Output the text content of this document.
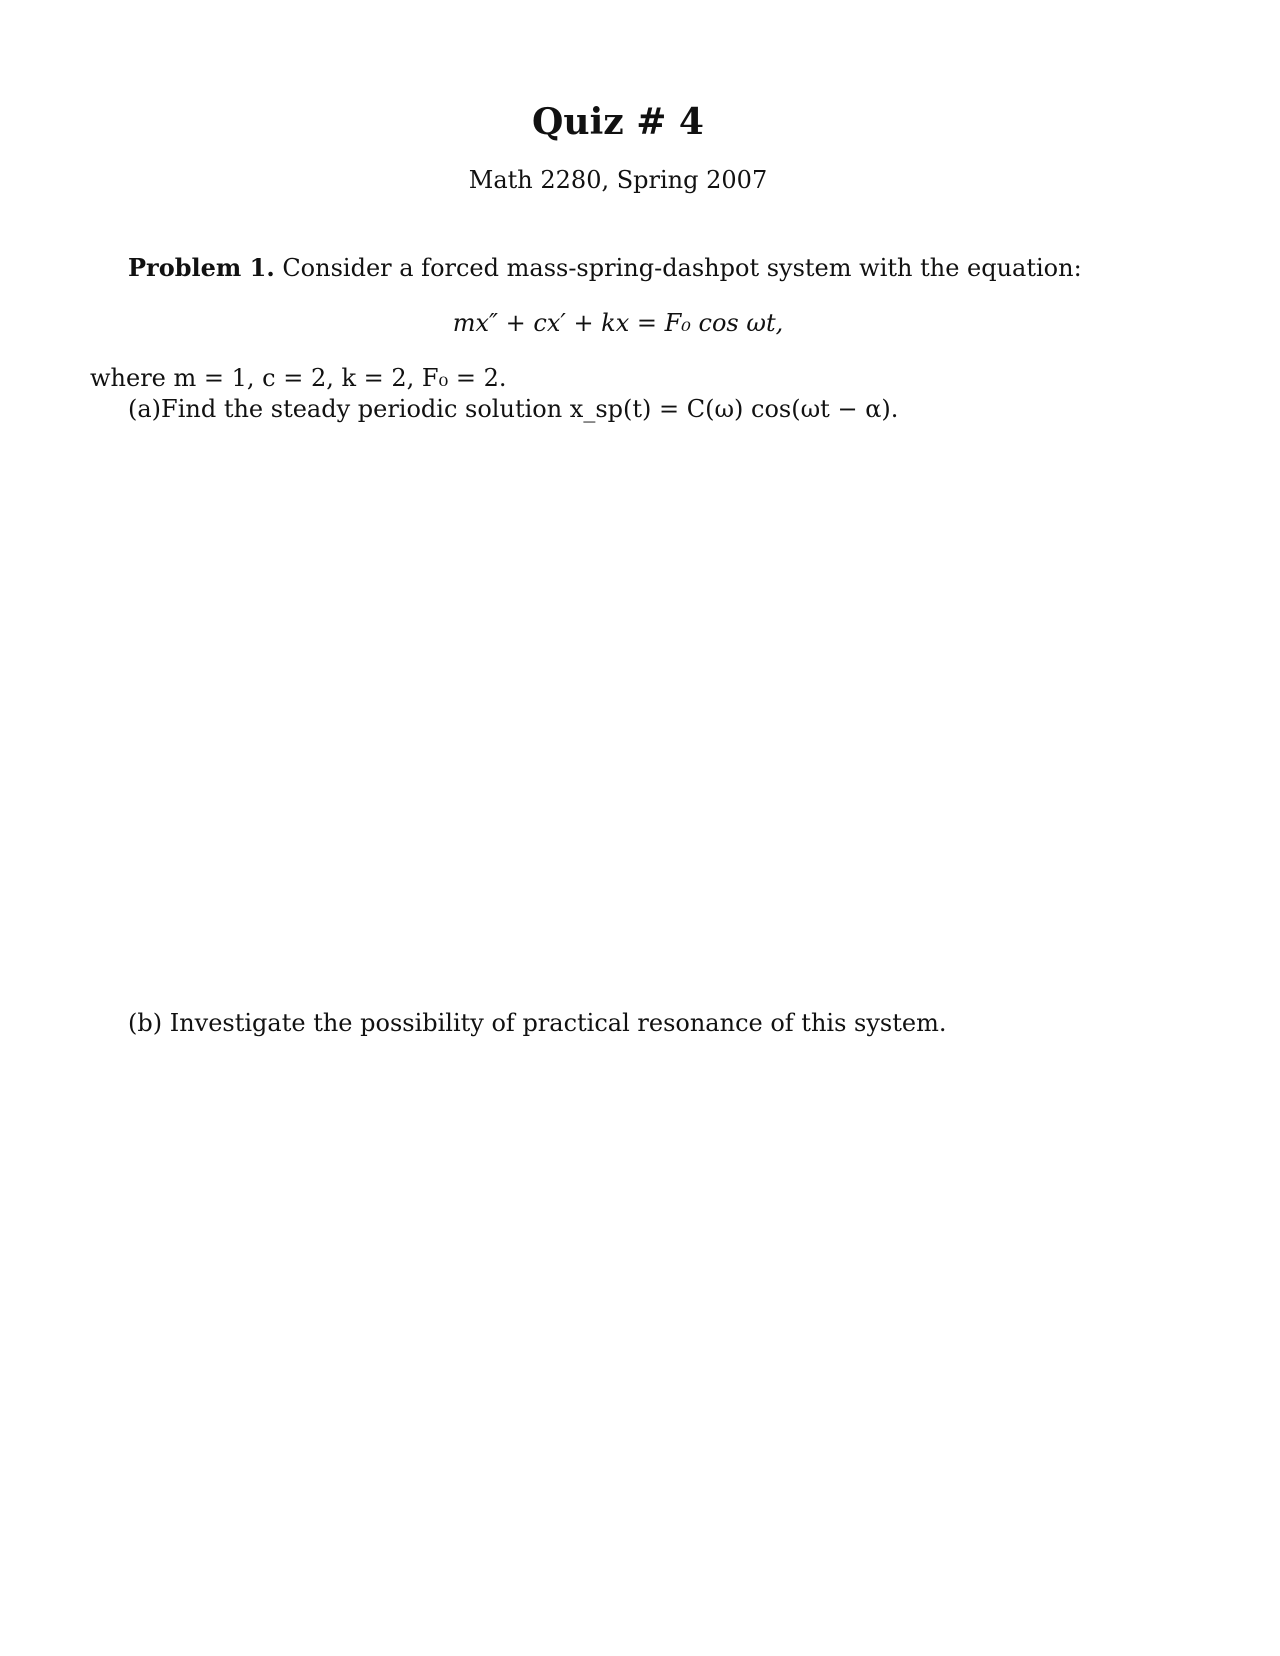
Quiz # 4
Math 2280, Spring 2007
Problem 1. Consider a forced mass-spring-dashpot system with the equation:
mx″ + cx′ + kx = F₀ cos ωt,
where m = 1, c = 2, k = 2, F₀ = 2.
(a)Find the steady periodic solution x_sp(t) = C(ω) cos(ωt − α).
(b) Investigate the possibility of practical resonance of this system.
